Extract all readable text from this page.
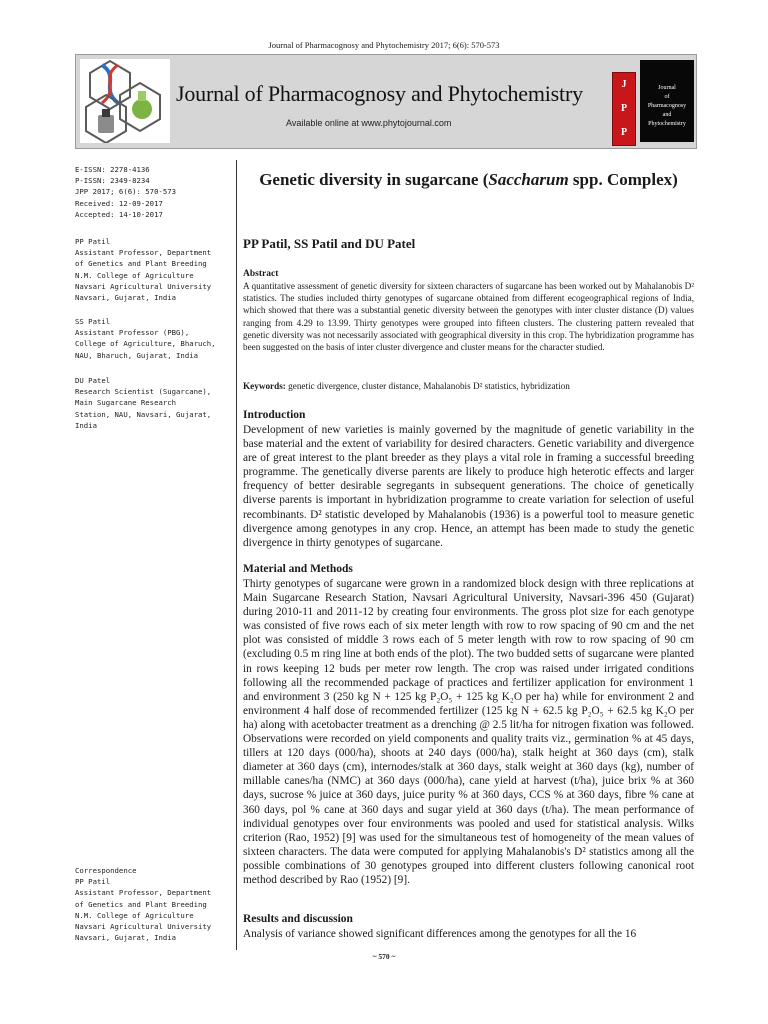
Journal of Pharmacognosy and Phytochemistry 2017; 6(6): 570-573
Journal of Pharmacognosy and Phytochemistry
Available online at www.phytojournal.com
J
P
P
Journal
of
Pharmacognosy
and
Phytochemistry
E-ISSN: 2278-4136
P-ISSN: 2349-8234
JPP 2017; 6(6): 570-573
Received: 12-09-2017
Accepted: 14-10-2017
PP Patil
Assistant Professor, Department
of Genetics and Plant Breeding
N.M. College of Agriculture
Navsari Agricultural University
Navsari, Gujarat, India
SS Patil
Assistant Professor (PBG),
College of Agriculture, Bharuch,
NAU, Bharuch, Gujarat, India
DU Patel
Research Scientist (Sugarcane),
Main Sugarcane Research
Station, NAU, Navsari, Gujarat,
India
Correspondence
PP Patil
Assistant Professor, Department
of Genetics and Plant Breeding
N.M. College of Agriculture
Navsari Agricultural University
Navsari, Gujarat, India
Genetic diversity in sugarcane (Saccharum spp. Complex)
PP Patil, SS Patil and DU Patel
Abstract
A quantitative assessment of genetic diversity for sixteen characters of sugarcane has been worked out by Mahalanobis D² statistics. The studies included thirty genotypes of sugarcane obtained from different ecogeographical regions of India, which showed that there was a substantial genetic diversity between the genotypes with inter cluster distance (D) values ranging from 4.29 to 13.99. Thirty genotypes were grouped into fifteen clusters. The clustering pattern revealed that genetic diversity was not necessarily associated with geographical diversity in this crop. The hybridization programme has been suggested on the basis of inter cluster divergence and cluster means for the character studied.
Keywords: genetic divergence, cluster distance, Mahalanobis D² statistics, hybridization
Introduction
Development of new varieties is mainly governed by the magnitude of genetic variability in the base material and the extent of variability for desired characters. Genetic variability and divergence are of great interest to the plant breeder as they plays a vital role in framing a successful breeding programme. The genetically diverse parents are likely to produce high heterotic effects and larger frequency of better desirable segregants in subsequent generations. The choice of genetically diverse parents is important in hybridization programme to create variation for selection of useful recombinants. D² statistic developed by Mahalanobis (1936) is a powerful tool to measure genetic divergence among genotypes in any crop. Hence, an attempt has been made to study the genetic divergence in thirty genotypes of sugarcane.
Material and Methods
Thirty genotypes of sugarcane were grown in a randomized block design with three replications at Main Sugarcane Research Station, Navsari Agricultural University, Navsari-396 450 (Gujarat) during 2010-11 and 2011-12 by creating four environments. The gross plot size for each genotype was consisted of five rows each of six meter length with row to row spacing of 90 cm and the net plot was consisted of middle 3 rows each of 5 meter length with row to row spacing of 90 cm (excluding 0.5 m ring line at both ends of the plot). The two budded setts of sugarcane were planted in rows keeping 12 buds per meter row length. The crop was raised under irrigated conditions following all the recommended package of practices and fertilizer application for environment 1 and environment 3 (250 kg N + 125 kg P₂O₅ + 125 kg K₂O per ha) while for environment 2 and environment 4 half dose of recommended fertilizer (125 kg N + 62.5 kg P₂O₅ + 62.5 kg K₂O per ha) along with acetobacter treatment as a drenching @ 2.5 lit/ha for nitrogen fixation was followed. Observations were recorded on yield components and quality traits viz., germination % at 45 days, tillers at 120 days (000/ha), shoots at 240 days (000/ha), stalk height at 360 days (cm), stalk diameter at 360 days (cm), internodes/stalk at 360 days, stalk weight at 360 days (kg), number of millable canes/ha (NMC) at 360 days (000/ha), cane yield at harvest (t/ha), juice brix % at 360 days, sucrose % juice at 360 days, juice purity % at 360 days, CCS % at 360 days, fibre % cane at 360 days, pol % cane at 360 days and sugar yield at 360 days (t/ha). The mean performance of individual genotypes over four environments was pooled and used for statistical analysis. Wilks criterion (Rao, 1952) [9] was used for the simultaneous test of homogeneity of the mean values of sixteen characters. The data were computed for applying Mahalanobis's D² statistics among all the possible combinations of 30 genotypes grouped into different clusters following canonical root method described by Rao (1952) [9].
Results and discussion
Analysis of variance showed significant differences among the genotypes for all the 16
~ 570 ~
